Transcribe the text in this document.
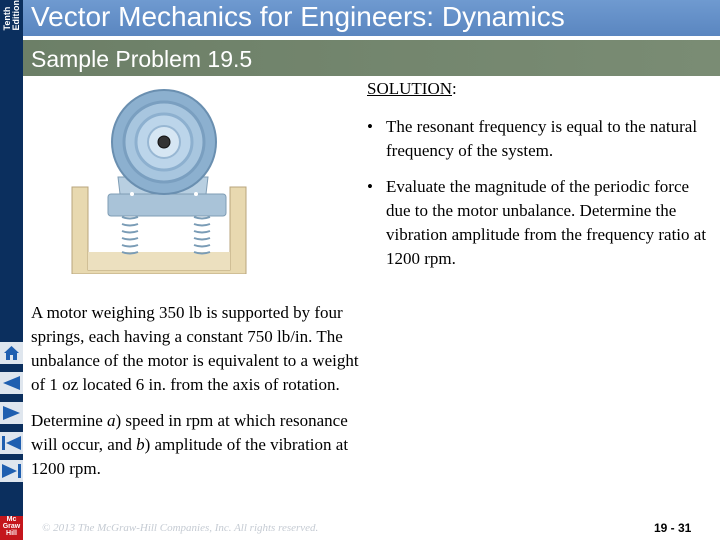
Tenth
Edition Vector Mechanics for Engineers: Dynamics
Sample Problem 19.5
SOLUTION:
• The resonant frequency is equal to the natural frequency of the system.
• Evaluate the magnitude of the periodic force due to the motor unbalance. Determine the vibration amplitude from the frequency ratio at 1200 rpm.

A motor weighing 350 lb is supported by four springs, each having a constant 750 lb/in. The unbalance of the motor is equivalent to a weight of 1 oz located 6 in. from the axis of rotation.

Determine a) speed in rpm at which resonance will occur, and b) amplitude of the vibration at 1200 rpm.

Mc
Graw
Hill	© 2013 The McGraw-Hill Companies, Inc. All rights reserved.	19 - 31
